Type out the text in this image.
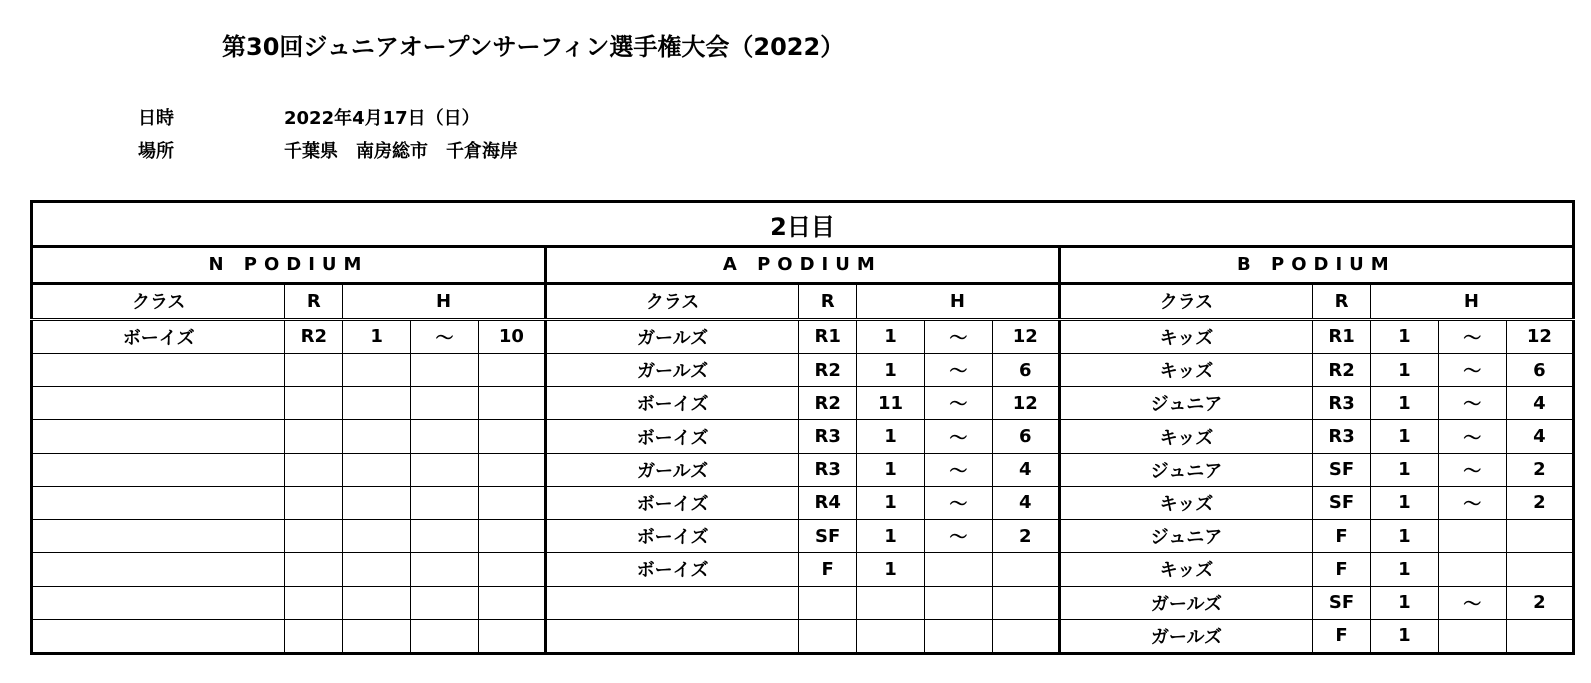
第30回ジュニアオープンサーフィン選手権大会（2022）
日時	2022年4月17日（日）
場所	千葉県　南房総市　千倉海岸
2日目														
N PODIUM					A PODIUM					B PODIUM				
クラス	R	H			クラス	R	H			クラス	R	H		
ボーイズ	R2	1	～	10	ガールズ	R1	1	～	12	キッズ	R1	1	～	12
					ガールズ	R2	1	～	6	キッズ	R2	1	～	6
					ボーイズ	R2	11	～	12	ジュニア	R3	1	～	4
					ボーイズ	R3	1	～	6	キッズ	R3	1	～	4
					ガールズ	R3	1	～	4	ジュニア	SF	1	～	2
					ボーイズ	R4	1	～	4	キッズ	SF	1	～	2
					ボーイズ	SF	1	～	2	ジュニア	F	1		
					ボーイズ	F	1			キッズ	F	1		
										ガールズ	SF	1	～	2
										ガールズ	F	1		
